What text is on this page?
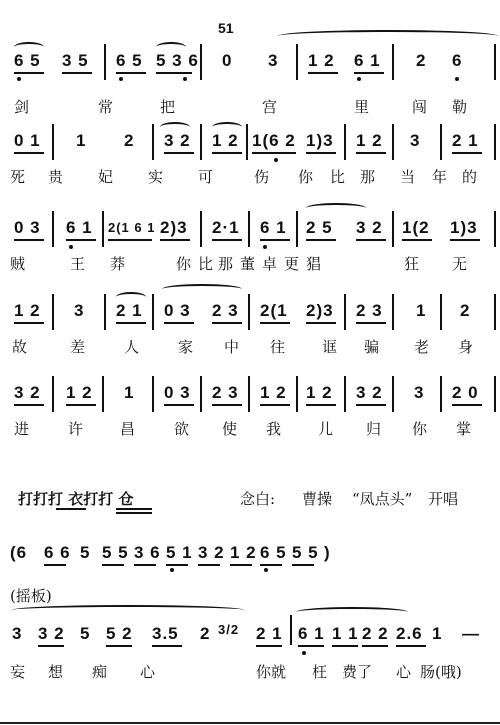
51
6 5 3 5 6 5 5 3 6 0 3 1 2 6 1 2 6
剑	常	把	宫	里	闯 勒
0 1 1 2 3 2 1 2 1(6 2 1)3 1 2 3 2 1
死 贵 妃 实 可	伤 你 比 那 当 年 的
0 3 6 1 2(1 6 1 2)3 2·1 6 1 2 5 3 2 1(2 1)3
贼	王 莽	你 比 那 董 卓 更 猖	狂 无
1 2 3 2 1 0 3 2 3 2(1 2)3 2 3 1 2
故	差	人	家 中 往 诓 骗 老 身
3 2 1 2 1 0 3 2 3 1 2 1 2 3 2 3 2 0
进	许 昌	欲 使 我 儿 归 你 掌
打打打 衣打打 仓	念白: 曹操 “凤点头” 开唱
(6 6 6 5 5 5 3 6 5 1 3 2 1 2 6 5 5 5 )
(摇板)
3 3 2 5 5 2 3.5 2 3/2 2 1 6 1 1 1 2 2 2.6 1 —
妄 想 痴 心	你就 枉 费了 心 肠(哦)
